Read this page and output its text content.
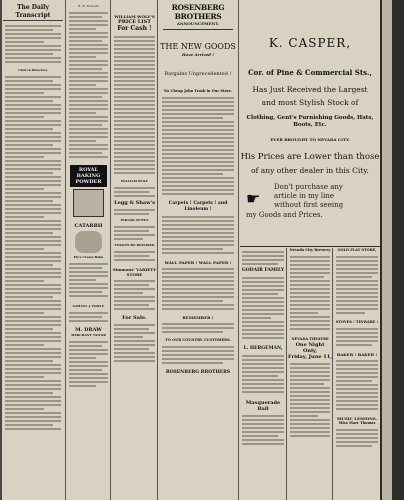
The Daily Transcript
Church Directory
R. H. Fawcett
ROYAL BAKING POWDER
CATARRH
Ely's Cream Balm
SAMUEL J. FOWLE
M. DRAW
MERCHANT TAILOR
WILLIAM WOLF'S
PRICE LIST
For Cash !
WILLIAM WOLF
Legg & Shaw's
PARLOR SUITES
FURNITURE REPAIRED
Simmons' VARIETY STORE
For Sale.
ROSENBERG BROTHERS
ANNOUNCEMENT.
THE NEW GOODS
Have Arrived !
Bargains Unprecedented !
No Cheap John Trash in Our Store.
Carpets ! Carpets ! and Linoleum !
WALL PAPER ! WALL PAPER !
REMEMBER !
TO OUR COUNTRY CUSTOMERS.
ROSENBERG BROTHERS
K. CASPER,
Cor. of Pine & Commercial Sts.,
Has Just Received the Largest
and most Stylish Stock of
Clothing, Gent's Furnishing Goods, Hats, Boots, Etc.
EVER BROUGHT TO NEVADA CITY.
His Prices are Lower than those
of any other dealer in this City.
☛
Don't purchase any
article in my line
without first seeing
my Goods and Prices.
GODAIR FAMILY
L. HERGEMAN,
Masquerade Ball
Nevada City Brewery
NEVADA THEATRE
One Night Only,
Friday, June 11,
GOLD FLAT STORE,
STOVES ! TINWARE !
BAKER ! BAKER !
MUSIC LESSONS.
Miss Marr Thomas
